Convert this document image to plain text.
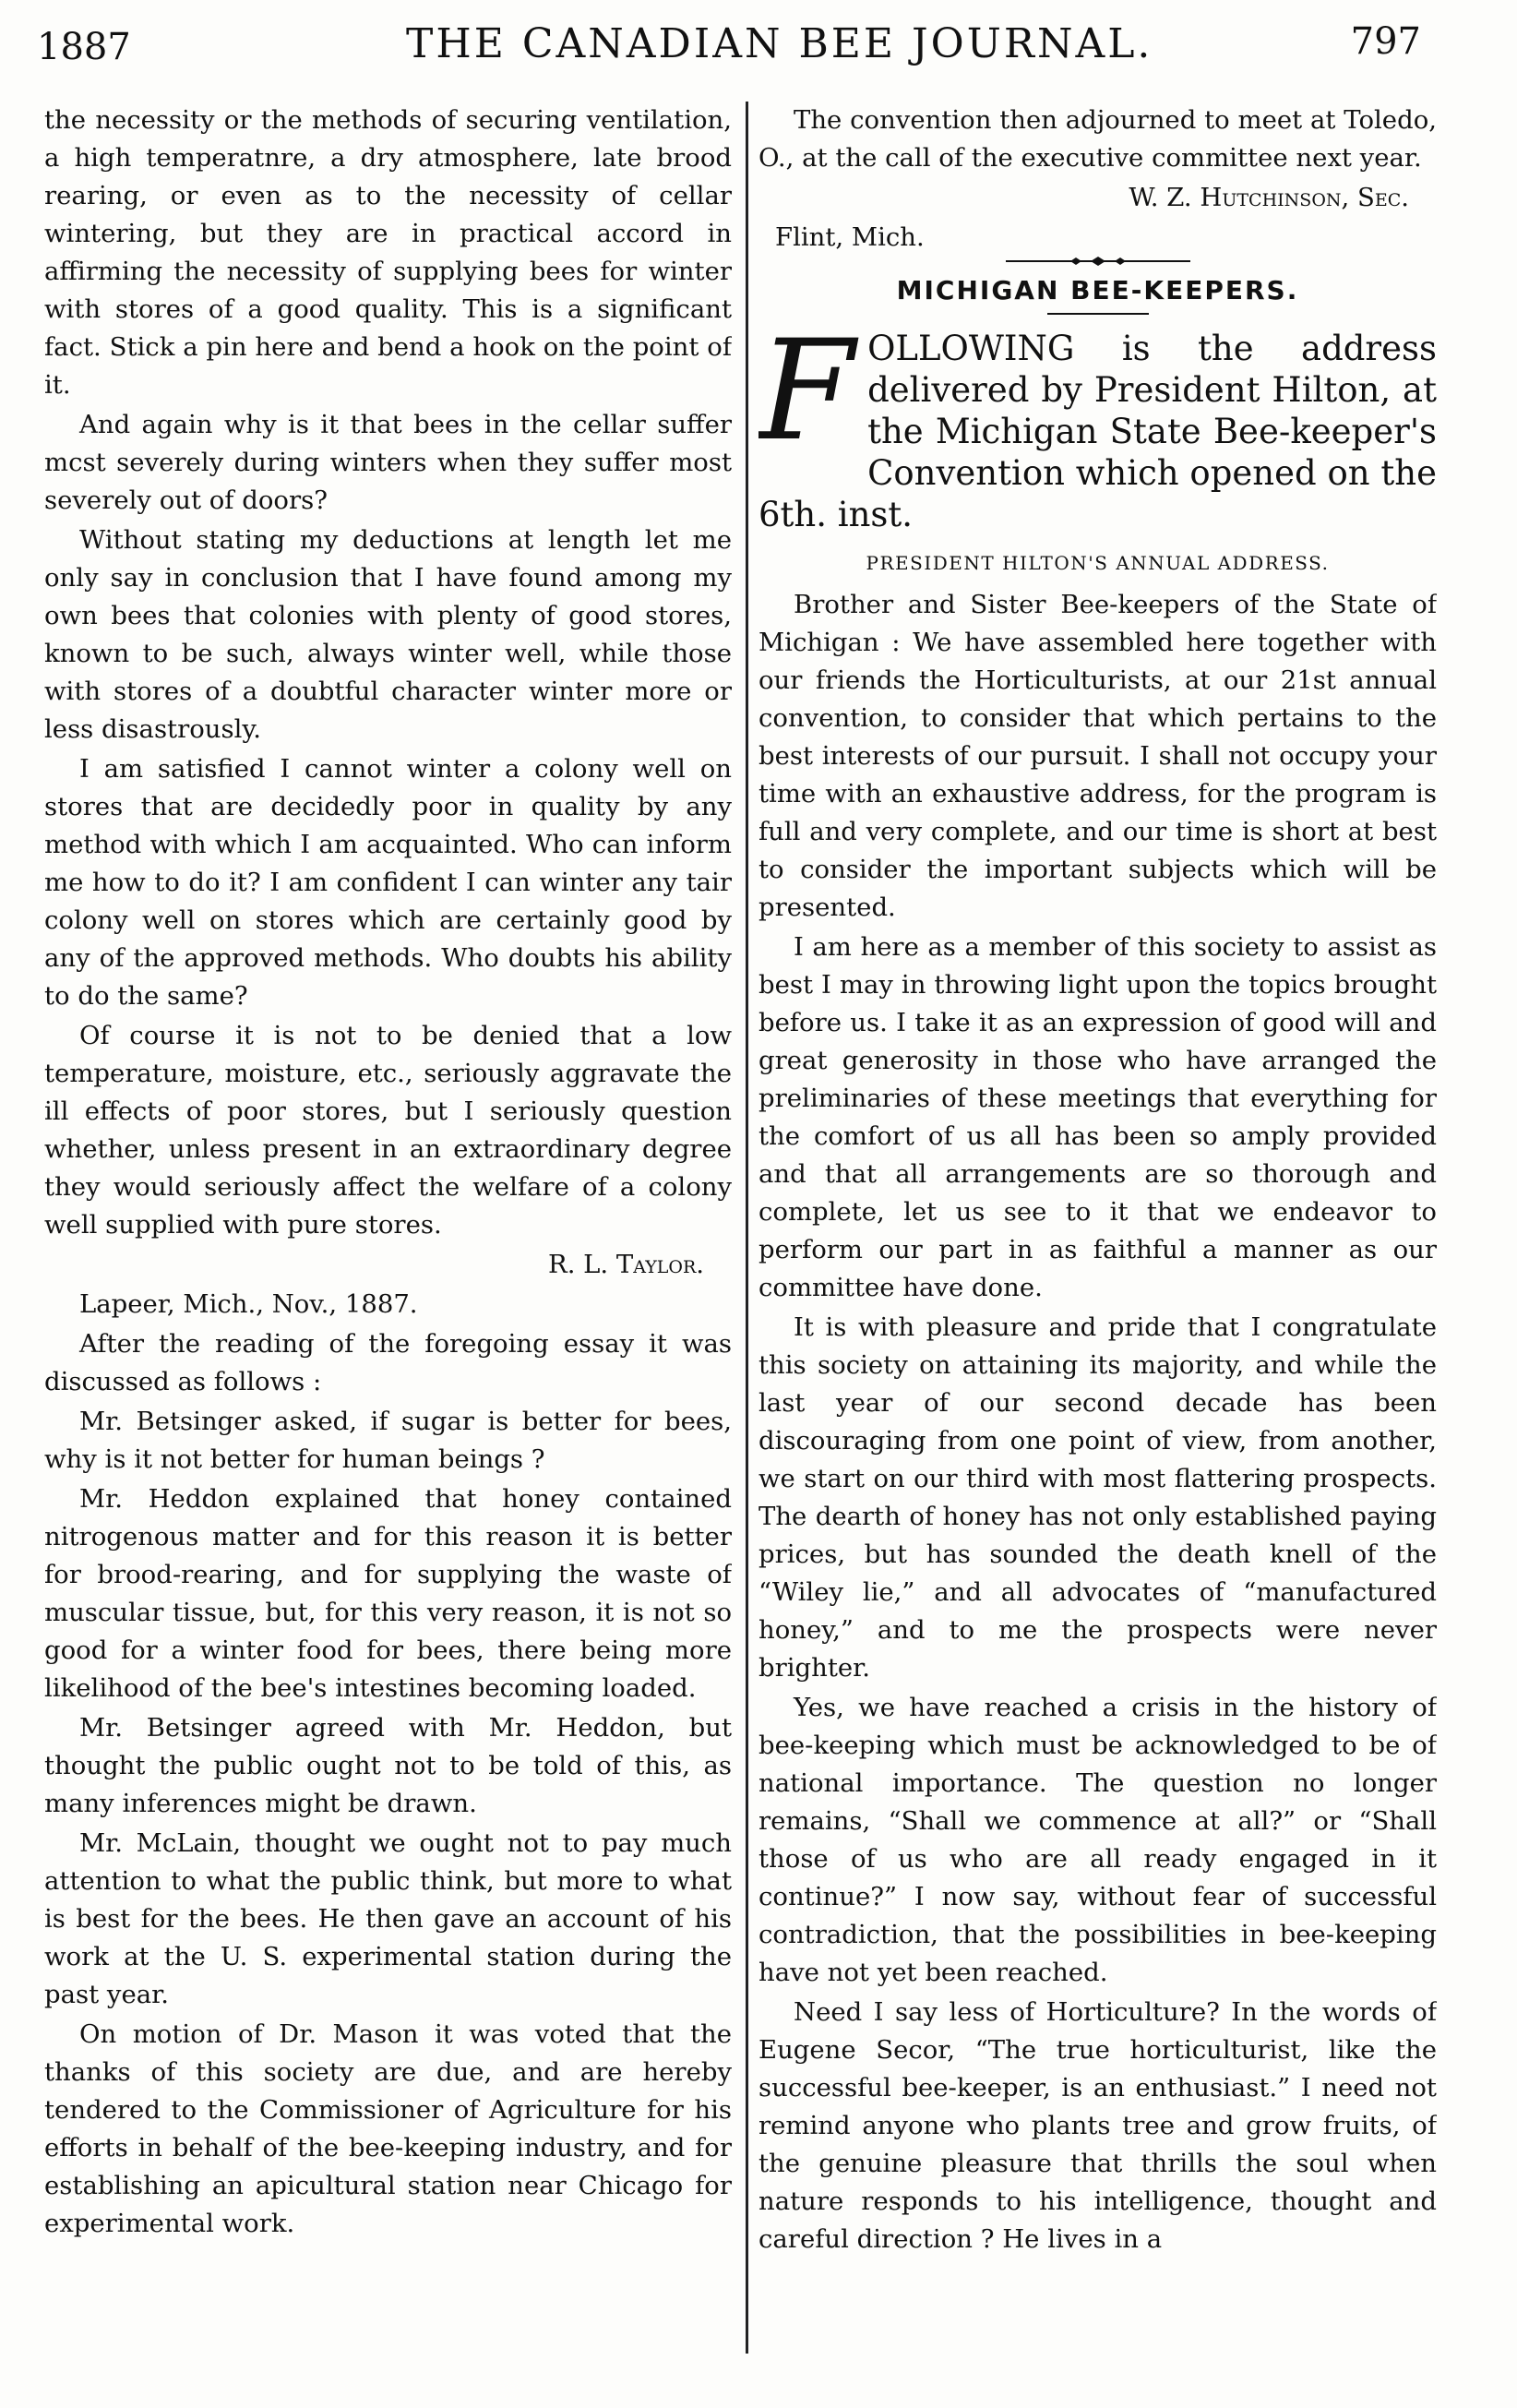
1887	THE CANADIAN BEE JOURNAL.	797

the necessity or the methods of securing ventilation, a high temperatnre, a dry atmosphere, late brood rearing, or even as to the necessity of cellar wintering, but they are in practical accord in affirming the necessity of supplying bees for winter with stores of a good quality. This is a significant fact. Stick a pin here and bend a hook on the point of it.

And again why is it that bees in the cellar suffer mcst severely during winters when they suffer most severely out of doors?

Without stating my deductions at length let me only say in conclusion that I have found among my own bees that colonies with plenty of good stores, known to be such, always winter well, while those with stores of a doubtful character winter more or less disastrously.

I am satisfied I cannot winter a colony well on stores that are decidedly poor in quality by any method with which I am acquainted. Who can inform me how to do it? I am confident I can winter any tair colony well on stores which are certainly good by any of the approved methods. Who doubts his ability to do the same?

Of course it is not to be denied that a low temperature, moisture, etc., seriously aggravate the ill effects of poor stores, but I seriously question whether, unless present in an extraordinary degree they would seriously affect the welfare of a colony well supplied with pure stores.

R. L. Taylor.

Lapeer, Mich., Nov., 1887.

After the reading of the foregoing essay it was discussed as follows :

Mr. Betsinger asked, if sugar is better for bees, why is it not better for human beings ?

Mr. Heddon explained that honey contained nitrogenous matter and for this reason it is better for brood-rearing, and for supplying the waste of muscular tissue, but, for this very reason, it is not so good for a winter food for bees, there being more likelihood of the bee's intestines becoming loaded.

Mr. Betsinger agreed with Mr. Heddon, but thought the public ought not to be told of this, as many inferences might be drawn.

Mr. McLain, thought we ought not to pay much attention to what the public think, but more to what is best for the bees. He then gave an account of his work at the U. S. experimental station during the past year.

On motion of Dr. Mason it was voted that the thanks of this society are due, and are hereby tendered to the Commissioner of Agriculture for his efforts in behalf of the bee-keeping industry, and for establishing an apicultural station near Chicago for experimental work.

The convention then adjourned to meet at Toledo, O., at the call of the executive committee next year.

W. Z. Hutchinson, Sec.

Flint, Mich.

MICHIGAN BEE-KEEPERS.
FOLLOWING is the address delivered by President Hilton, at the Michigan State Bee-keeper's Convention which opened on the 6th. inst.
PRESIDENT HILTON'S ANNUAL ADDRESS.

Brother and Sister Bee-keepers of the State of Michigan : We have assembled here together with our friends the Horticulturists, at our 21st annual convention, to consider that which pertains to the best interests of our pursuit. I shall not occupy your time with an exhaustive address, for the program is full and very complete, and our time is short at best to consider the important subjects which will be presented.

I am here as a member of this society to assist as best I may in throwing light upon the topics brought before us. I take it as an expression of good will and great generosity in those who have arranged the preliminaries of these meetings that everything for the comfort of us all has been so amply provided and that all arrangements are so thorough and complete, let us see to it that we endeavor to perform our part in as faithful a manner as our committee have done.

It is with pleasure and pride that I congratulate this society on attaining its majority, and while the last year of our second decade has been discouraging from one point of view, from another, we start on our third with most flattering prospects. The dearth of honey has not only established paying prices, but has sounded the death knell of the “Wiley lie,” and all advocates of “manufactured honey,” and to me the prospects were never brighter.

Yes, we have reached a crisis in the history of bee-keeping which must be acknowledged to be of national importance. The question no longer remains, “Shall we commence at all?” or “Shall those of us who are all ready engaged in it continue?” I now say, without fear of successful contradiction, that the possibilities in bee-keeping have not yet been reached.

Need I say less of Horticulture? In the words of Eugene Secor, “The true horticulturist, like the successful bee-keeper, is an enthusiast.” I need not remind anyone who plants tree and grow fruits, of the genuine pleasure that thrills the soul when nature responds to his intelligence, thought and careful direction ? He lives in a
